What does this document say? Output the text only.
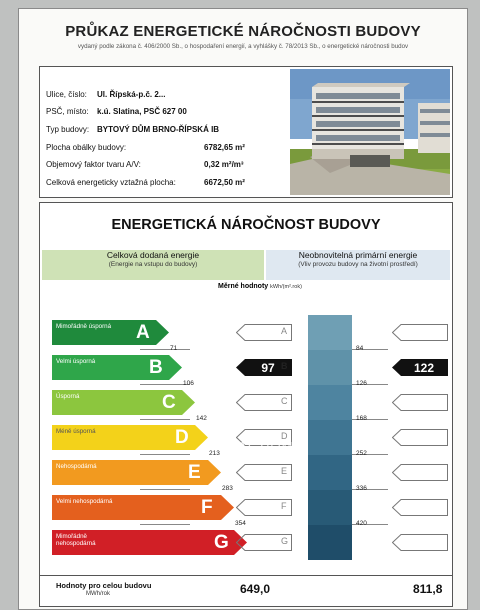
PRŮKAZ ENERGETICKÉ NÁROČNOSTI BUDOVY
vydaný podle zákona č. 406/2000 Sb., o hospodaření energií, a vyhlášky č. 78/2013 Sb., o energetické náročnosti budov
Ulice, číslo: Ul. Řípská-p.č. 2...
PSČ, místo: k.ú. Slatina, PSČ 627 00
Typ budovy: BYTOVÝ DŮM BRNO-ŘÍPSKÁ IB
Plocha obálky budovy:	6782,65 m²
Objemový faktor tvaru A/V:	0,32 m²/m³
Celková energeticky vztažná plocha:	6672,50 m²
ENERGETICKÁ NÁROČNOST BUDOVY
Celková dodaná energie
(Energie na vstupu do budovy)
Neobnovitelná primární energie
(Vliv provozu budovy na životní prostředí)
Měrné hodnoty kWh/(m².rok)
Mimořádně úsporná A	A
Velmi úsporná	B	97	122
B
Úsporná	C	C
Méně úsporná	D	D
Nehospodárná	E	E
Velmi nehospodárná	F	F
Mimořádně nehospodárná	G	G
71	84
106	126
142	168
213	252
283	336
354	420
Hodnoty pro celou budovu
MWh/rok	649,0	811,8
REAL HOME
| PARTNERS
